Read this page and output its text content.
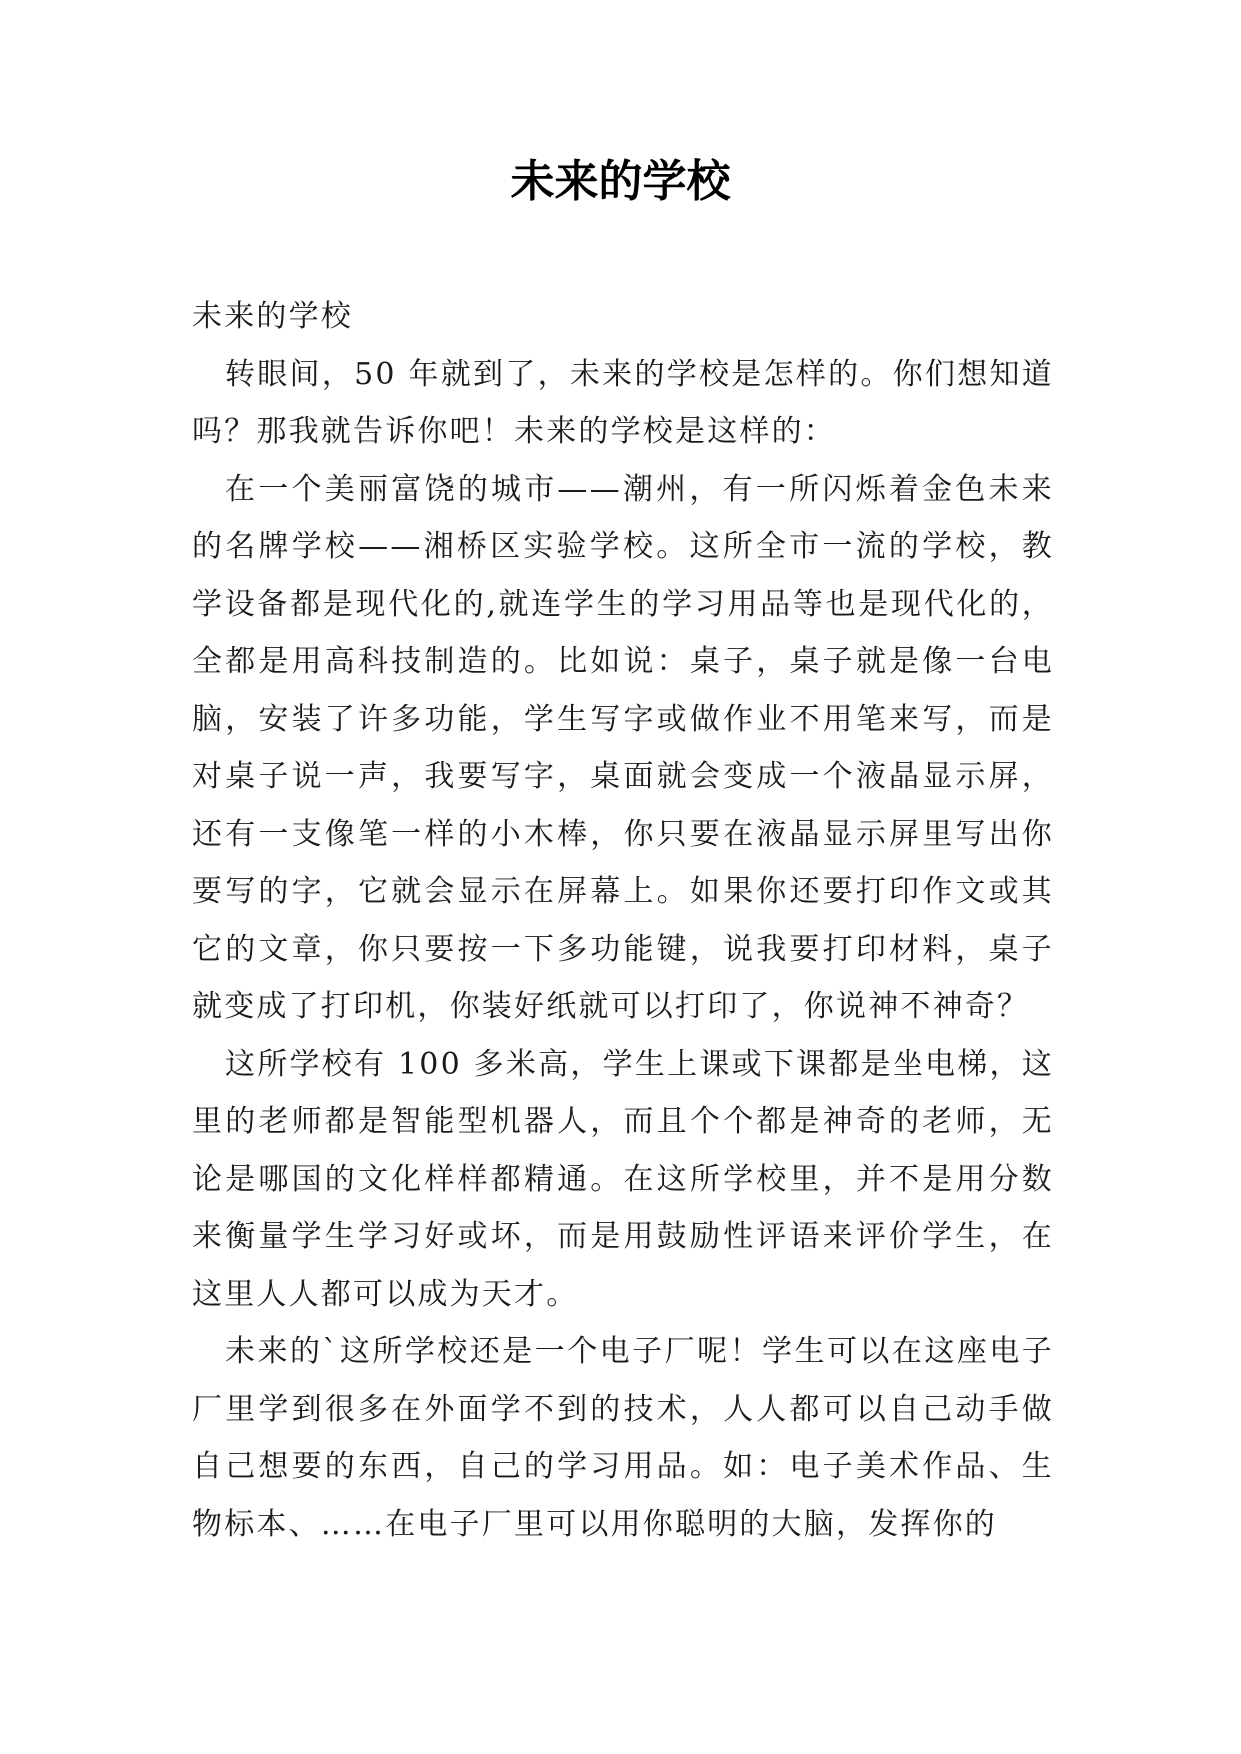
未来的学校

未来的学校

转眼间，50 年就到了，未来的学校是怎样的。你们想知道吗？那我就告诉你吧！未来的学校是这样的：

在一个美丽富饶的城市——潮州，有一所闪烁着金色未来的名牌学校——湘桥区实验学校。这所全市一流的学校，教学设备都是现代化的,就连学生的学习用品等也是现代化的，全都是用高科技制造的。比如说：桌子，桌子就是像一台电脑，安装了许多功能，学生写字或做作业不用笔来写，而是对桌子说一声，我要写字，桌面就会变成一个液晶显示屏，还有一支像笔一样的小木棒，你只要在液晶显示屏里写出你要写的字，它就会显示在屏幕上。如果你还要打印作文或其它的文章，你只要按一下多功能键，说我要打印材料，桌子就变成了打印机，你装好纸就可以打印了，你说神不神奇？

这所学校有 100 多米高，学生上课或下课都是坐电梯，这里的老师都是智能型机器人，而且个个都是神奇的老师，无论是哪国的文化样样都精通。在这所学校里，并不是用分数来衡量学生学习好或坏，而是用鼓励性评语来评价学生，在这里人人都可以成为天才。

未来的`这所学校还是一个电子厂呢！学生可以在这座电子厂里学到很多在外面学不到的技术，人人都可以自己动手做自己想要的东西，自己的学习用品。如：电子美术作品、生物标本、……在电子厂里可以用你聪明的大脑，发挥你的
